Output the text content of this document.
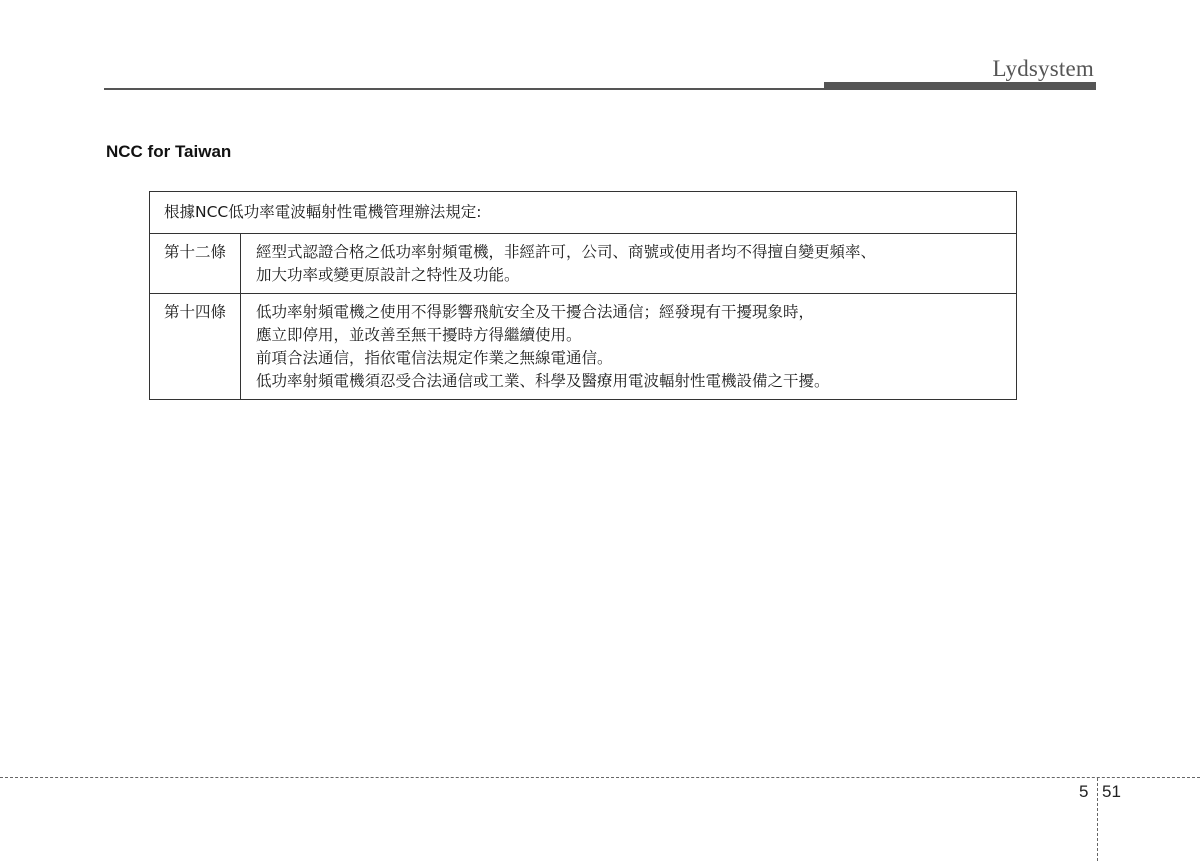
Lydsystem
NCC for Taiwan
根據NCC低功率電波輻射性電機管理辦法規定:	
第十二條	經型式認證合格之低功率射頻電機，非經許可，公司、商號或使用者均不得擅自變更頻率、
加大功率或變更原設計之特性及功能。

第十四條	低功率射頻電機之使用不得影響飛航安全及干擾合法通信；經發現有干擾現象時，
應立即停用，並改善至無干擾時方得繼續使用。
前項合法通信，指依電信法規定作業之無線電通信。
低功率射頻電機須忍受合法通信或工業、科學及醫療用電波輻射性電機設備之干擾。
5 51
